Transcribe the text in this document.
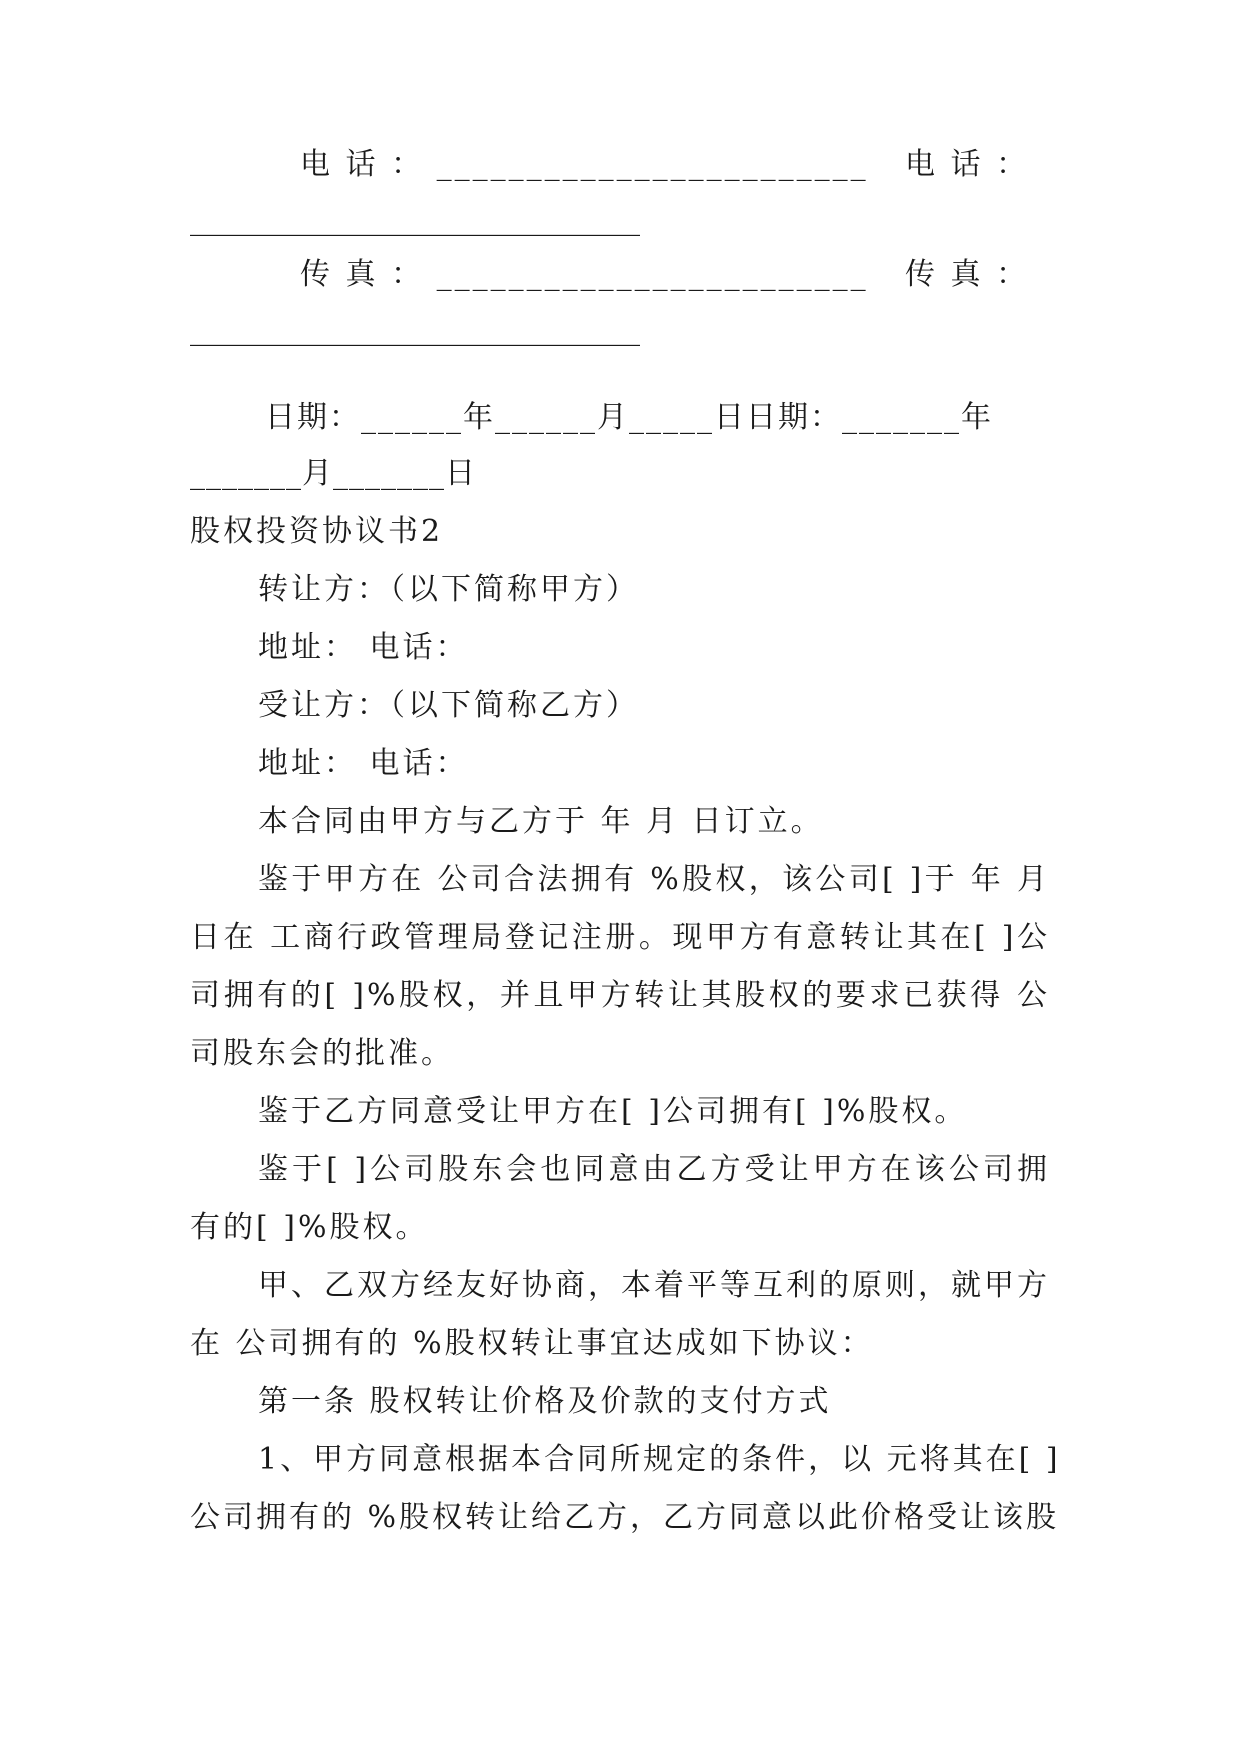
电 话 ： ________________________	电 话 ：
______________________________
传 真 ： ________________________	传 真 ：
______________________________
日期：______年______月_____日日期：_______年
_______月_______日
股权投资协议书2
转让方：（以下简称甲方）
地址： 电话：
受让方：（以下简称乙方）
地址： 电话：
本合同由甲方与乙方于 年 月 日订立。
鉴于甲方在 公司合法拥有 %股权，该公司[ ]于 年 月
日在 工商行政管理局登记注册。现甲方有意转让其在[ ]公
司拥有的[ ]%股权，并且甲方转让其股权的要求已获得 公
司股东会的批准。
鉴于乙方同意受让甲方在[ ]公司拥有[ ]%股权。
鉴于[ ]公司股东会也同意由乙方受让甲方在该公司拥
有的[ ]%股权。
甲、乙双方经友好协商，本着平等互利的原则，就甲方
在 公司拥有的 %股权转让事宜达成如下协议：
第一条 股权转让价格及价款的支付方式
1、甲方同意根据本合同所规定的条件，以 元将其在[ ]
公司拥有的 %股权转让给乙方，乙方同意以此价格受让该股
